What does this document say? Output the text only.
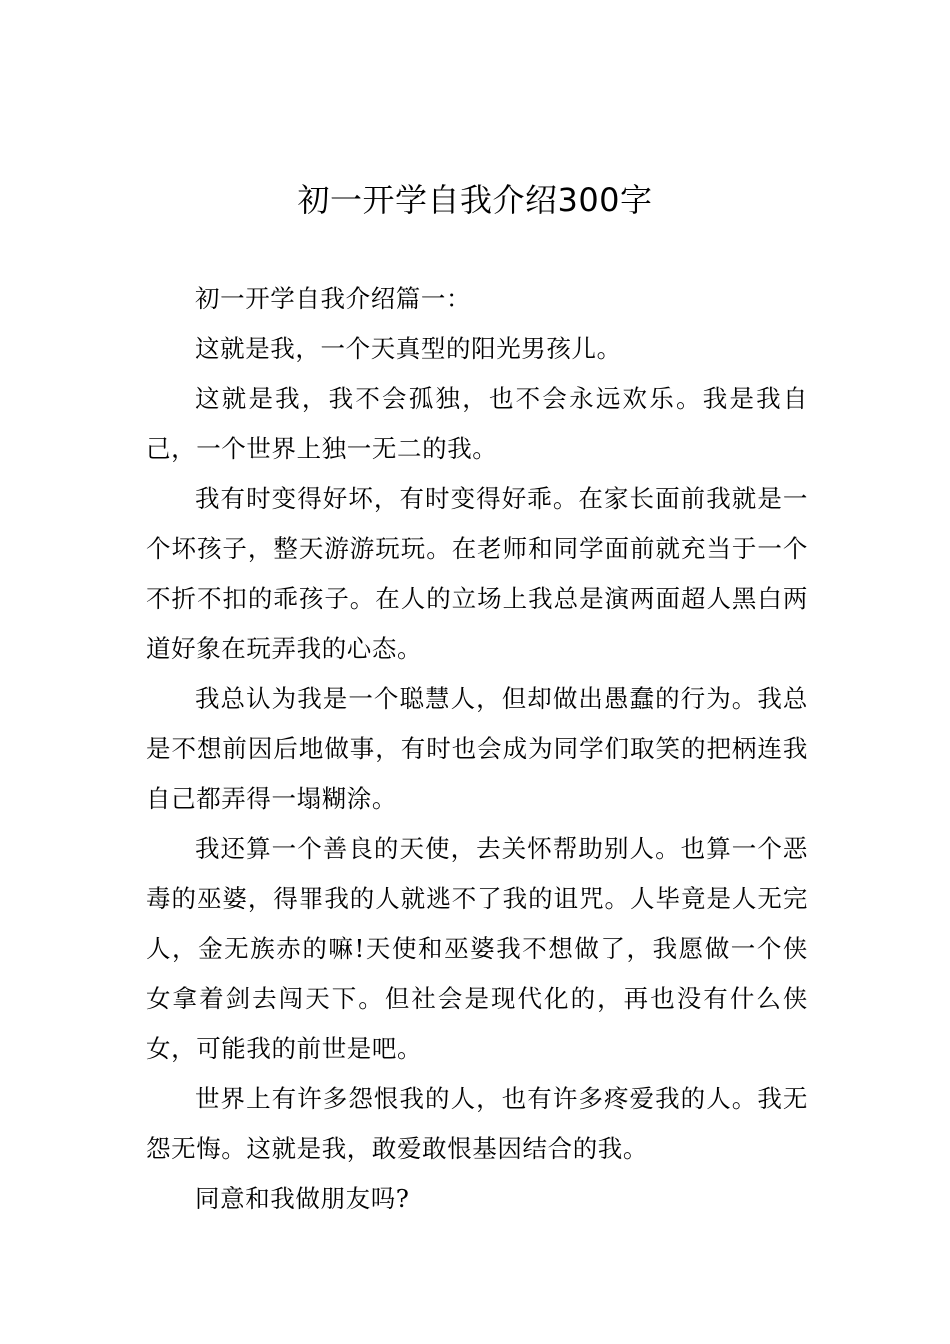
初一开学自我介绍300字

初一开学自我介绍篇一：

这就是我，一个天真型的阳光男孩儿。

这就是我，我不会孤独，也不会永远欢乐。我是我自己，一个世界上独一无二的我。

我有时变得好坏，有时变得好乖。在家长面前我就是一个坏孩子，整天游游玩玩。在老师和同学面前就充当于一个不折不扣的乖孩子。在人的立场上我总是演两面超人黑白两道好象在玩弄我的心态。

我总认为我是一个聪慧人，但却做出愚蠢的行为。我总是不想前因后地做事，有时也会成为同学们取笑的把柄连我自己都弄得一塌糊涂。

我还算一个善良的天使，去关怀帮助别人。也算一个恶毒的巫婆，得罪我的人就逃不了我的诅咒。人毕竟是人无完人，金无族赤的嘛!天使和巫婆我不想做了，我愿做一个侠女拿着剑去闯天下。但社会是现代化的，再也没有什么侠女，可能我的前世是吧。

世界上有许多怨恨我的人，也有许多疼爱我的人。我无怨无悔。这就是我，敢爱敢恨基因结合的我。

同意和我做朋友吗?
